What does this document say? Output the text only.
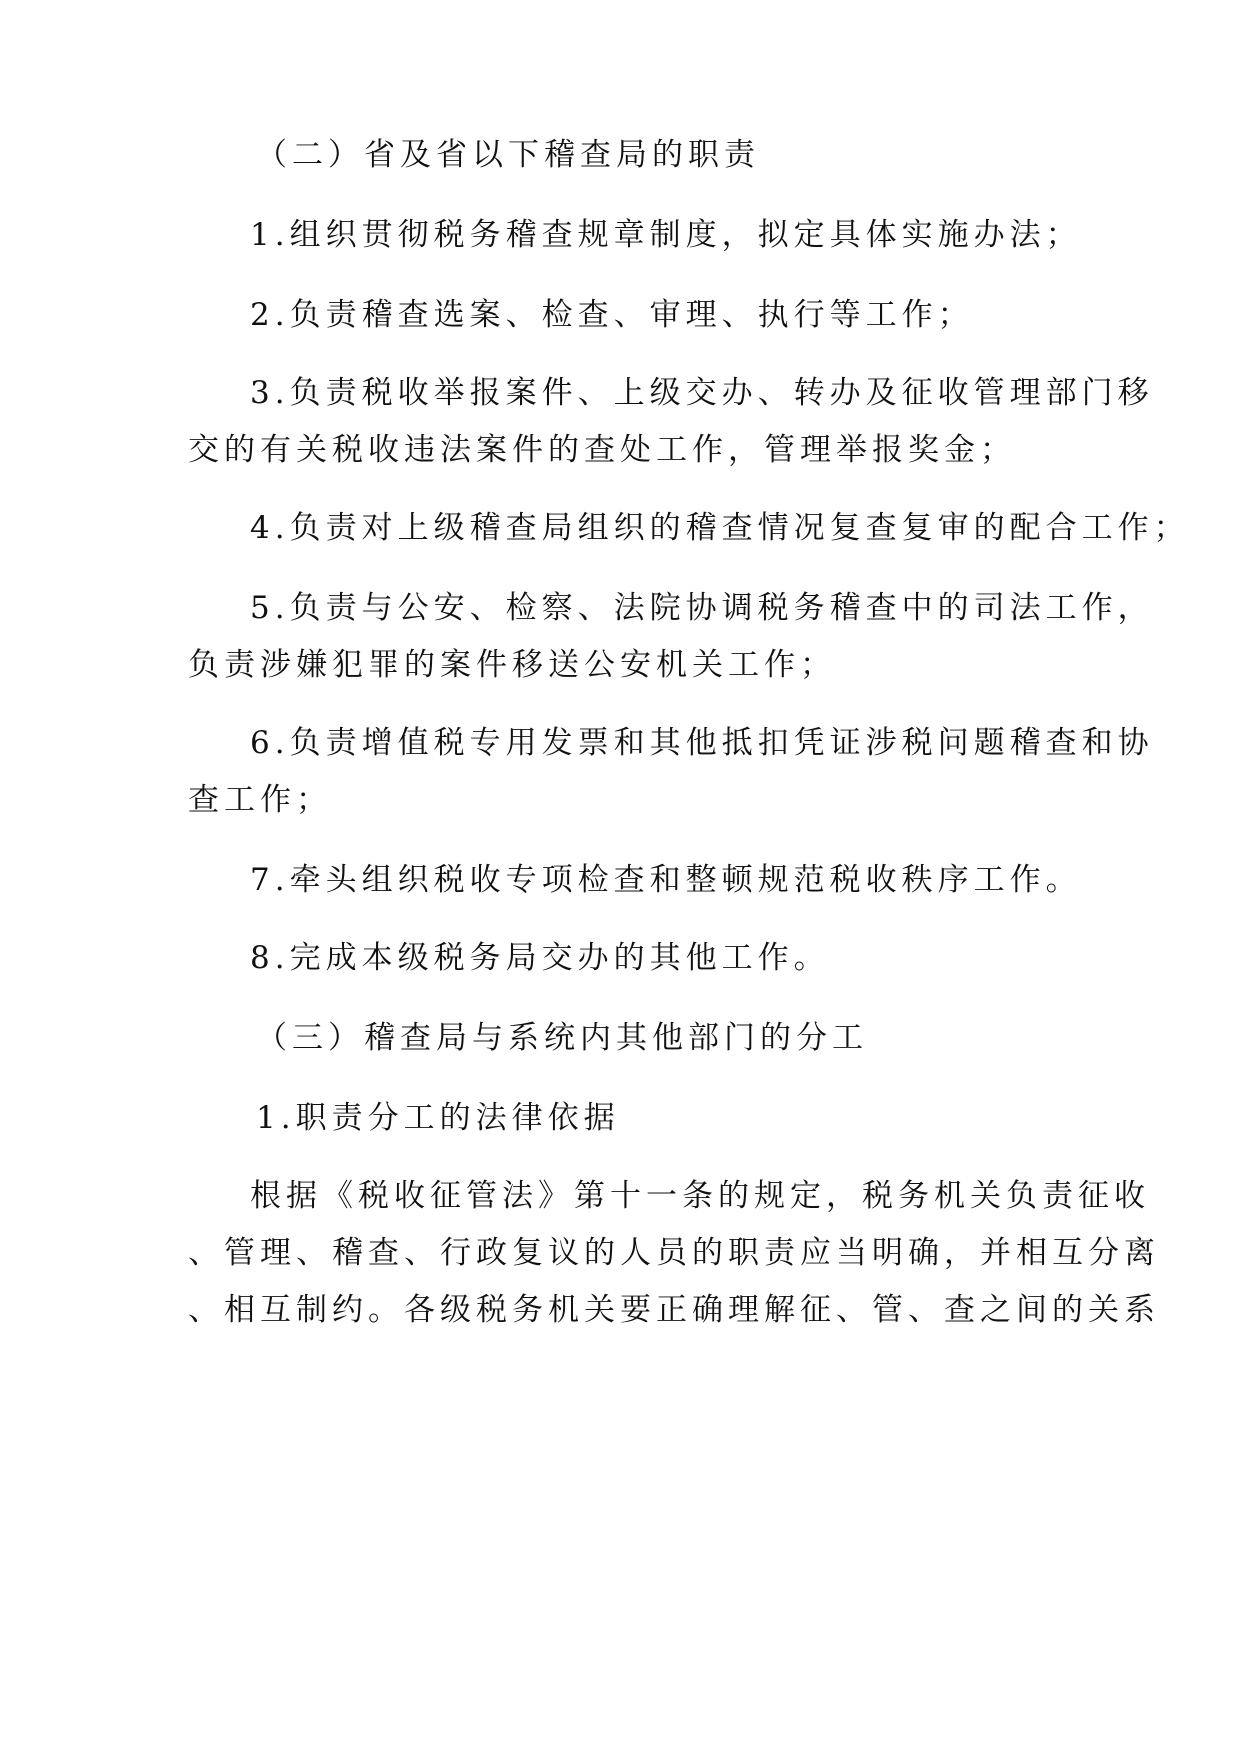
（二）省及省以下稽查局的职责
1.组织贯彻税务稽查规章制度，拟定具体实施办法；
2.负责稽查选案、检查、审理、执行等工作；
3.负责税收举报案件、上级交办、转办及征收管理部门移
交的有关税收违法案件的查处工作，管理举报奖金；
4.负责对上级稽查局组织的稽查情况复查复审的配合工作；
5.负责与公安、检察、法院协调税务稽查中的司法工作，
负责涉嫌犯罪的案件移送公安机关工作；
6.负责增值税专用发票和其他抵扣凭证涉税问题稽查和协
查工作；
7.牵头组织税收专项检查和整顿规范税收秩序工作。
8.完成本级税务局交办的其他工作。
（三）稽查局与系统内其他部门的分工
1.职责分工的法律依据
根据《税收征管法》第十一条的规定，税务机关负责征收
、管理、稽查、行政复议的人员的职责应当明确，并相互分离
、相互制约。各级税务机关要正确理解征、管、查之间的关系
